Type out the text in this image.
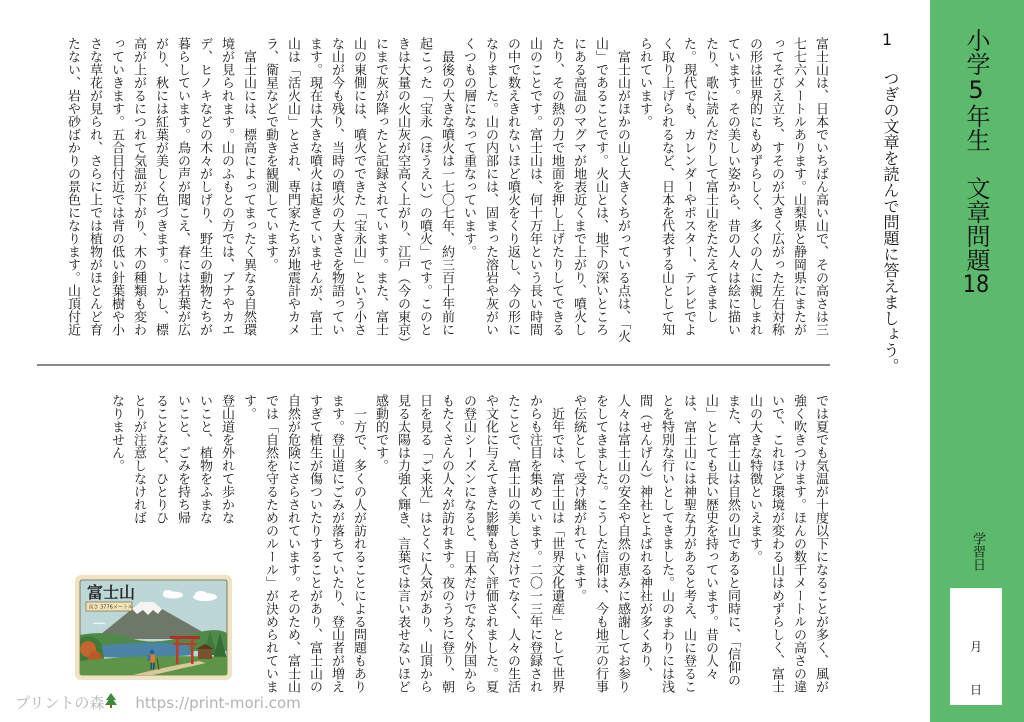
小学5年生文章問題18
学習日
月
日
1
つぎの文章を読んで問題に答えましょう。
富士山は、日本でいちばん高い山で、その高さは三
七七六メートルあります。山梨県と静岡県にまたが
ってそびえ立ち、すそのが大きく広がった左右対称
の形は世界的にもめずらしく、多くの人に親しまれ
ています。その美しい姿から、昔の人々は絵に描い
たり、歌に読んだりして富士山をたたえてきまし
た。現代でも、カレンダーやポスター、テレビでよ
く取り上げられるなど、日本を代表する山として知
られています。
　富士山がほかの山と大きくちがっている点は、「火
山」であることです。火山とは、地下の深いところ
にある高温のマグマが地表近くまで上がり、噴火し
たり、その熱の力で地面を押し上げたりしてできる
山のことです。富士山は、何十万年という長い時間
の中で数えきれないほど噴火をくり返し、今の形に
なりました。山の内部には、固まった溶岩や灰がい
くつもの層になって重なっています。
　最後の大きな噴火は一七〇七年、約三百十年前に
起こった「宝永（ほうえい）の噴火」です。このと
きは大量の火山灰が空高く上がり、江戸（今の東京）
にまで灰が降ったと記録されています。また、富士
山の東側には、噴火でできた「宝永山」という小さ
な山が今も残り、当時の噴火の大きさを物語ってい
ます。現在は大きな噴火は起きていませんが、富士
山は「活火山」とされ、専門家たちが地震計やカメ
ラ、衛星などで動きを観測しています。
　富士山には、標高によってまったく異なる自然環
境が見られます。山のふもとの方では、ブナやカエ
デ、ヒノキなどの木々がしげり、野生の動物たちが
暮らしています。鳥の声が聞こえ、春には若葉が広
がり、秋には紅葉が美しく色づきます。しかし、標
高が上がるにつれて気温が下がり、木の種類も変わ
っていきます。五合目付近では背の低い針葉樹や小
さな草花が見られ、さらに上では植物がほとんど育
たない、岩や砂ばかりの景色になります。山頂付近
では夏でも気温が十度以下になることが多く、風が
強く吹きつけます。ほんの数千メートルの高さの違
いで、これほど環境が変わる山はめずらしく、富士
山の大きな特徴といえます。
また、富士山は自然の山であると同時に、「信仰の
山」としても長い歴史を持っています。昔の人々
は、富士山には神聖な力があると考え、山に登るこ
とを特別な行いとしてきました。山のまわりには浅
間（せんげん）神社とよばれる神社が多くあり、
人々は富士山の安全や自然の恵みに感謝してお参り
をしてきました。こうした信仰は、今も地元の行事
や伝統として受け継がれています。
　近年では、富士山は「世界文化遺産」として世界
からも注目を集めています。二〇一三年に登録され
たことで、富士山の美しさだけでなく、人々の生活
や文化に与えてきた影響も高く評価されました。夏
の登山シーズンになると、日本だけでなく外国から
もたくさんの人々が訪れます。夜のうちに登り、朝
日を見る「ご来光」はとくに人気があり、山頂から
見る太陽は力強く輝き、言葉では言い表せないほど
感動的です。
　一方で、多くの人が訪れることによる問題もあり
ます。登山道にごみが落ちていたり、登山者が増え
すぎて植生が傷ついたりすることがあり、富士山の
自然が危険にさらされています。そのため、富士山
では「自然を守るためのルール」が決められていま
す。
登山道を外れて歩かな
いこと、植物をふまな
いこと、ごみを持ち帰
ることなど、ひとりひ
とりが注意しなければ
なりません。
富士山
高さ 3776メートル
プリントの森 https://print-mori.com
